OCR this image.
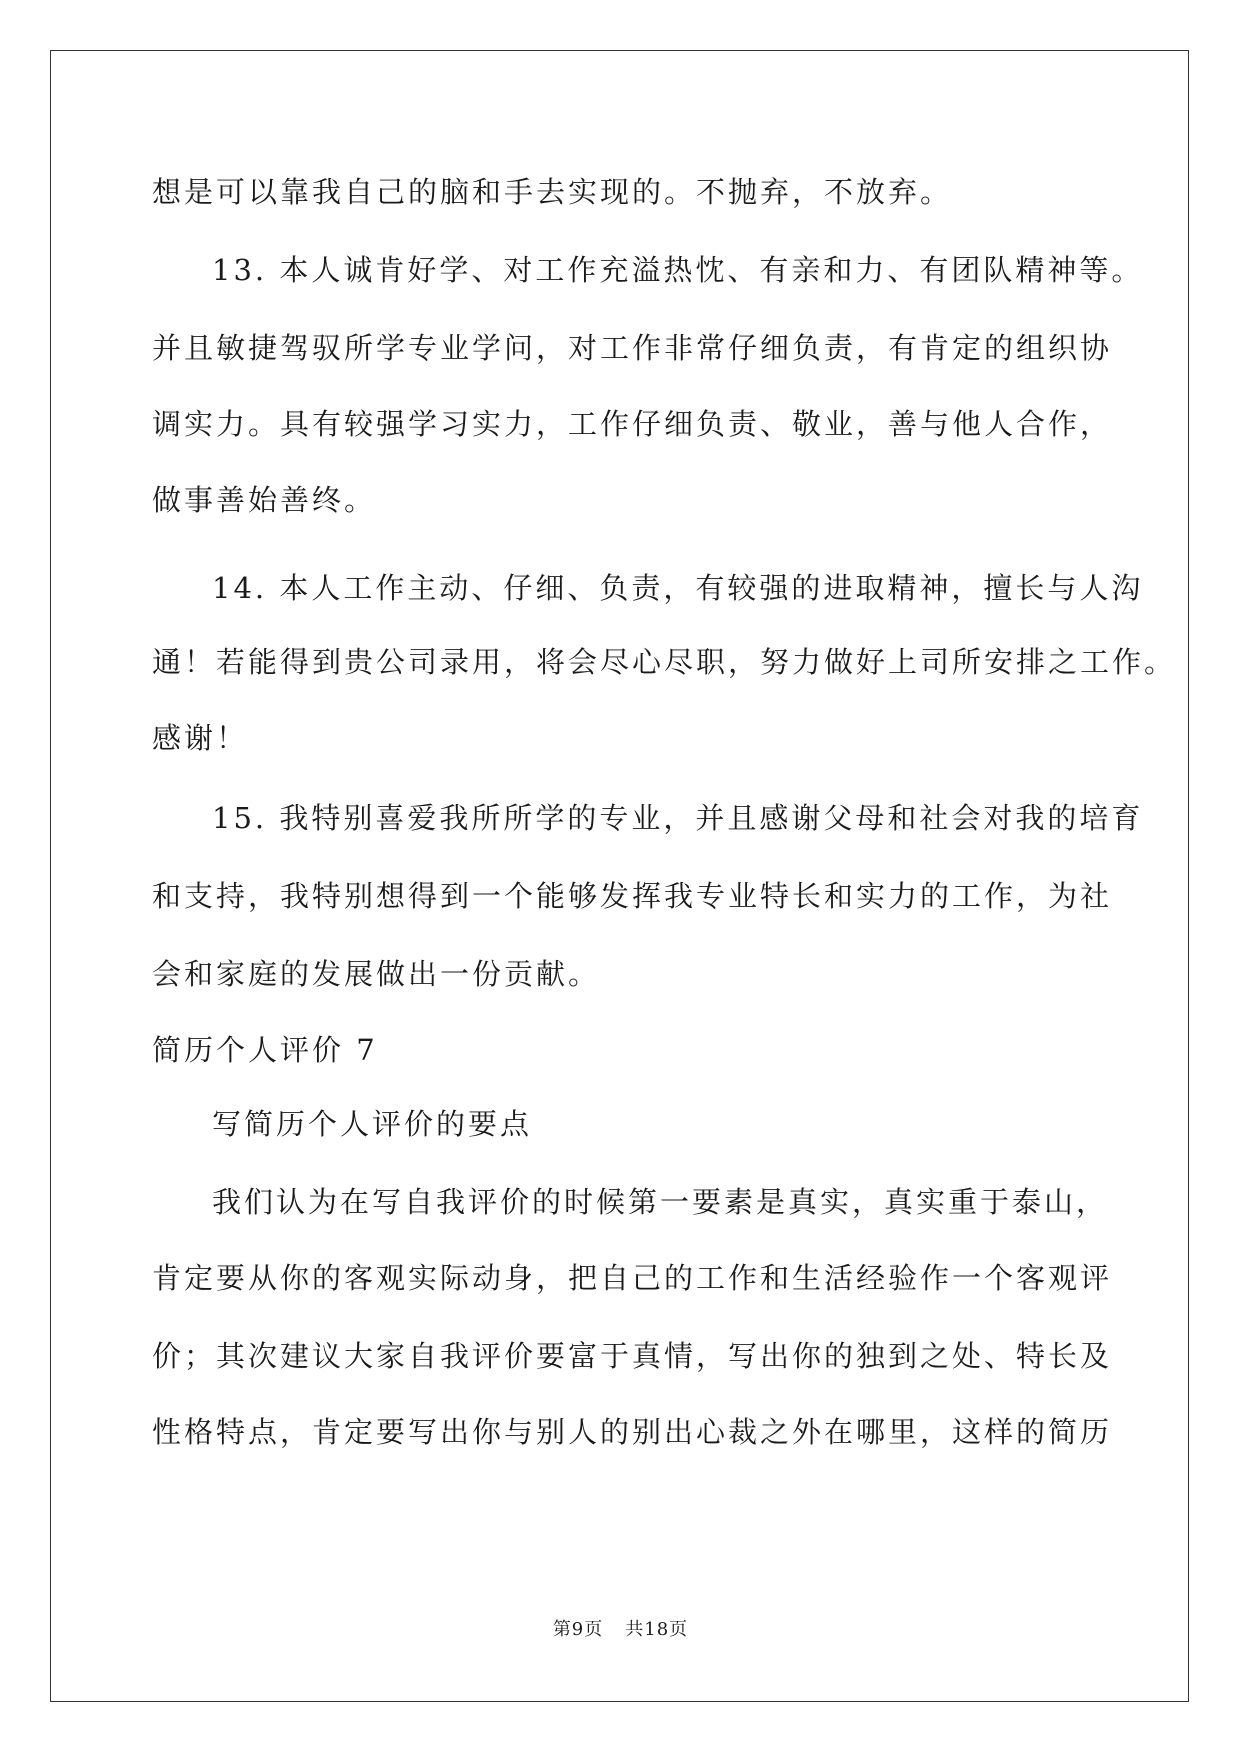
想是可以靠我自己的脑和手去实现的。不抛弃，不放弃。
13. 本人诚肯好学、对工作充溢热忱、有亲和力、有团队精神等。
并且敏捷驾驭所学专业学问，对工作非常仔细负责，有肯定的组织协
调实力。具有较强学习实力，工作仔细负责、敬业，善与他人合作，
做事善始善终。
14. 本人工作主动、仔细、负责，有较强的进取精神，擅长与人沟
通！若能得到贵公司录用，将会尽心尽职，努力做好上司所安排之工作。
感谢！
15. 我特别喜爱我所所学的专业，并且感谢父母和社会对我的培育
和支持，我特别想得到一个能够发挥我专业特长和实力的工作，为社
会和家庭的发展做出一份贡献。
简历个人评价 7
写简历个人评价的要点
我们认为在写自我评价的时候第一要素是真实，真实重于泰山，
肯定要从你的客观实际动身，把自己的工作和生活经验作一个客观评
价；其次建议大家自我评价要富于真情，写出你的独到之处、特长及
性格特点，肯定要写出你与别人的别出心裁之外在哪里，这样的简历
第9页 共18页
